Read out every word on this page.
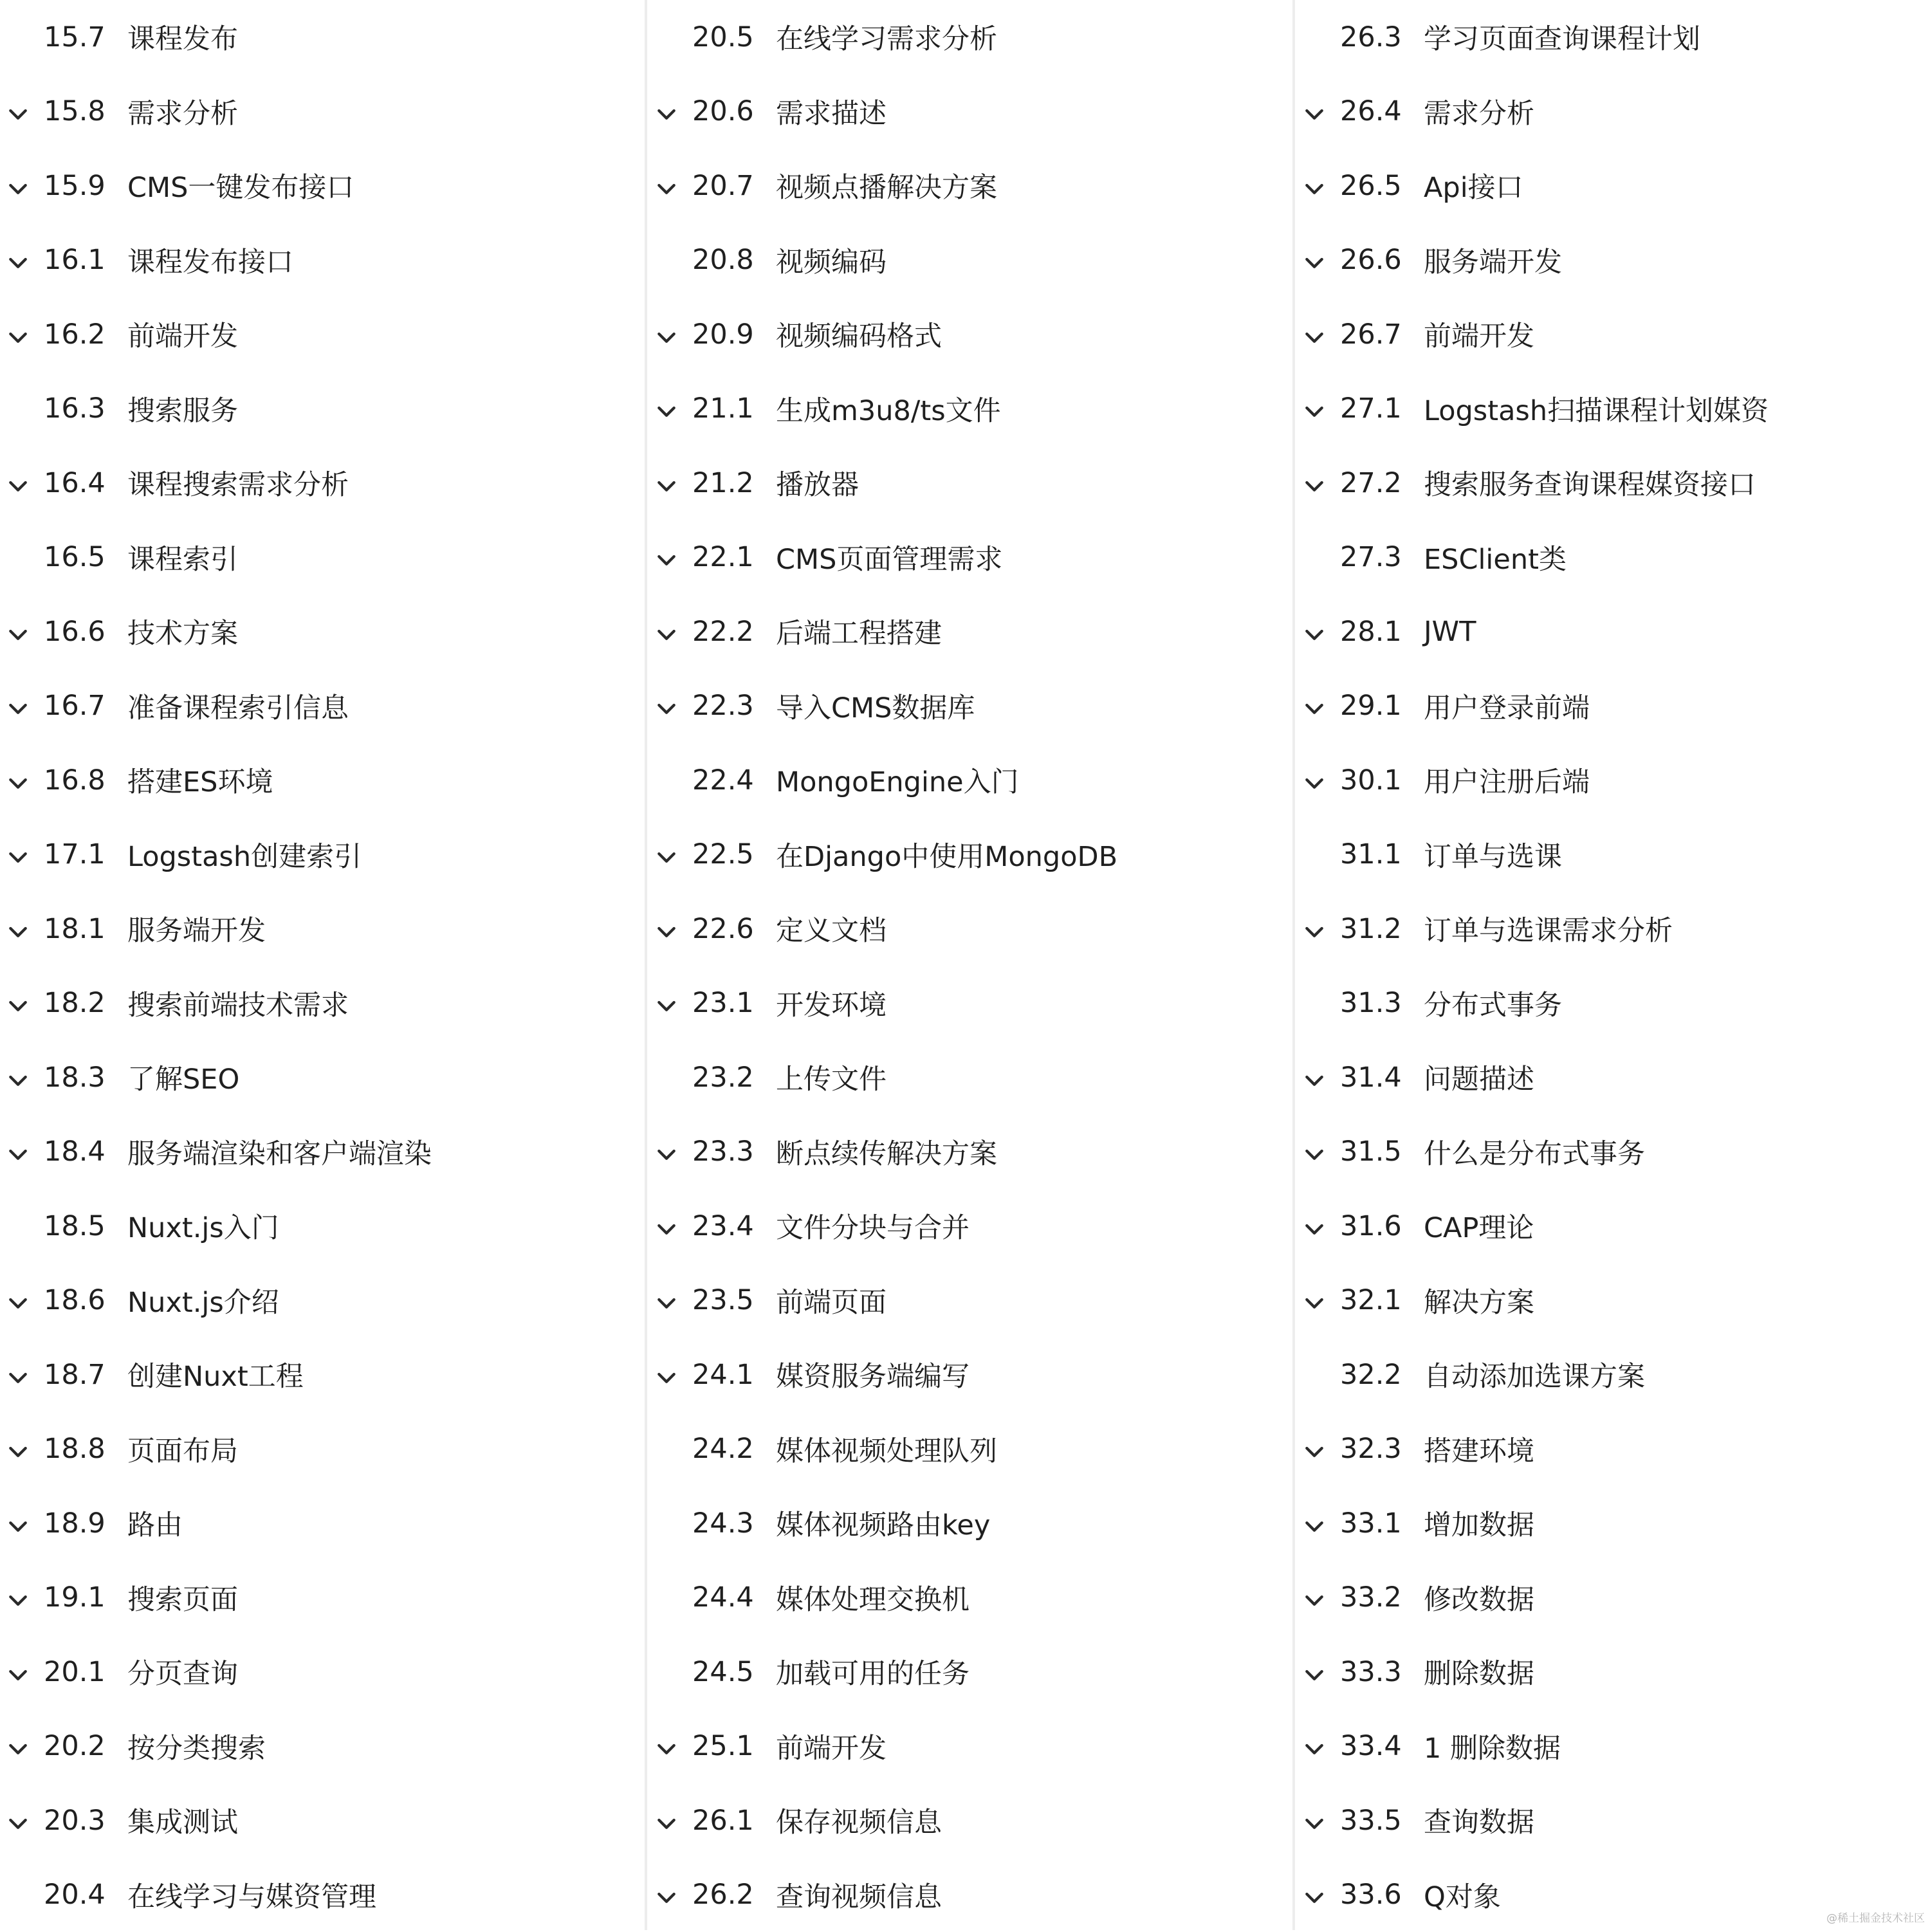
15.7 课程发布
15.8 需求分析
15.9 CMS一键发布接口
16.1 课程发布接口
16.2 前端开发
16.3 搜索服务
16.4 课程搜索需求分析
16.5 课程索引
16.6 技术方案
16.7 准备课程索引信息
16.8 搭建ES环境
17.1 Logstash创建索引
18.1 服务端开发
18.2 搜索前端技术需求
18.3 了解SEO
18.4 服务端渲染和客户端渲染
18.5 Nuxt.js入门
18.6 Nuxt.js介绍
18.7 创建Nuxt工程
18.8 页面布局
18.9 路由
19.1 搜索页面
20.1 分页查询
20.2 按分类搜索
20.3 集成测试
20.4 在线学习与媒资管理
20.5 在线学习需求分析
20.6 需求描述
20.7 视频点播解决方案
20.8 视频编码
20.9 视频编码格式
21.1 生成m3u8/ts文件
21.2 播放器
22.1 CMS页面管理需求
22.2 后端工程搭建
22.3 导入CMS数据库
22.4 MongoEngine入门
22.5 在Django中使用MongoDB
22.6 定义文档
23.1 开发环境
23.2 上传文件
23.3 断点续传解决方案
23.4 文件分块与合并
23.5 前端页面
24.1 媒资服务端编写
24.2 媒体视频处理队列
24.3 媒体视频路由key
24.4 媒体处理交换机
24.5 加载可用的任务
25.1 前端开发
26.1 保存视频信息
26.2 查询视频信息
26.3 学习页面查询课程计划
26.4 需求分析
26.5 Api接口
26.6 服务端开发
26.7 前端开发
27.1 Logstash扫描课程计划媒资
27.2 搜索服务查询课程媒资接口
27.3 ESClient类
28.1 JWT
29.1 用户登录前端
30.1 用户注册后端
31.1 订单与选课
31.2 订单与选课需求分析
31.3 分布式事务
31.4 问题描述
31.5 什么是分布式事务
31.6 CAP理论
32.1 解决方案
32.2 自动添加选课方案
32.3 搭建环境
33.1 增加数据
33.2 修改数据
33.3 删除数据
33.4 1 删除数据
33.5 查询数据
33.6 Q对象
@稀土掘金技术社区
